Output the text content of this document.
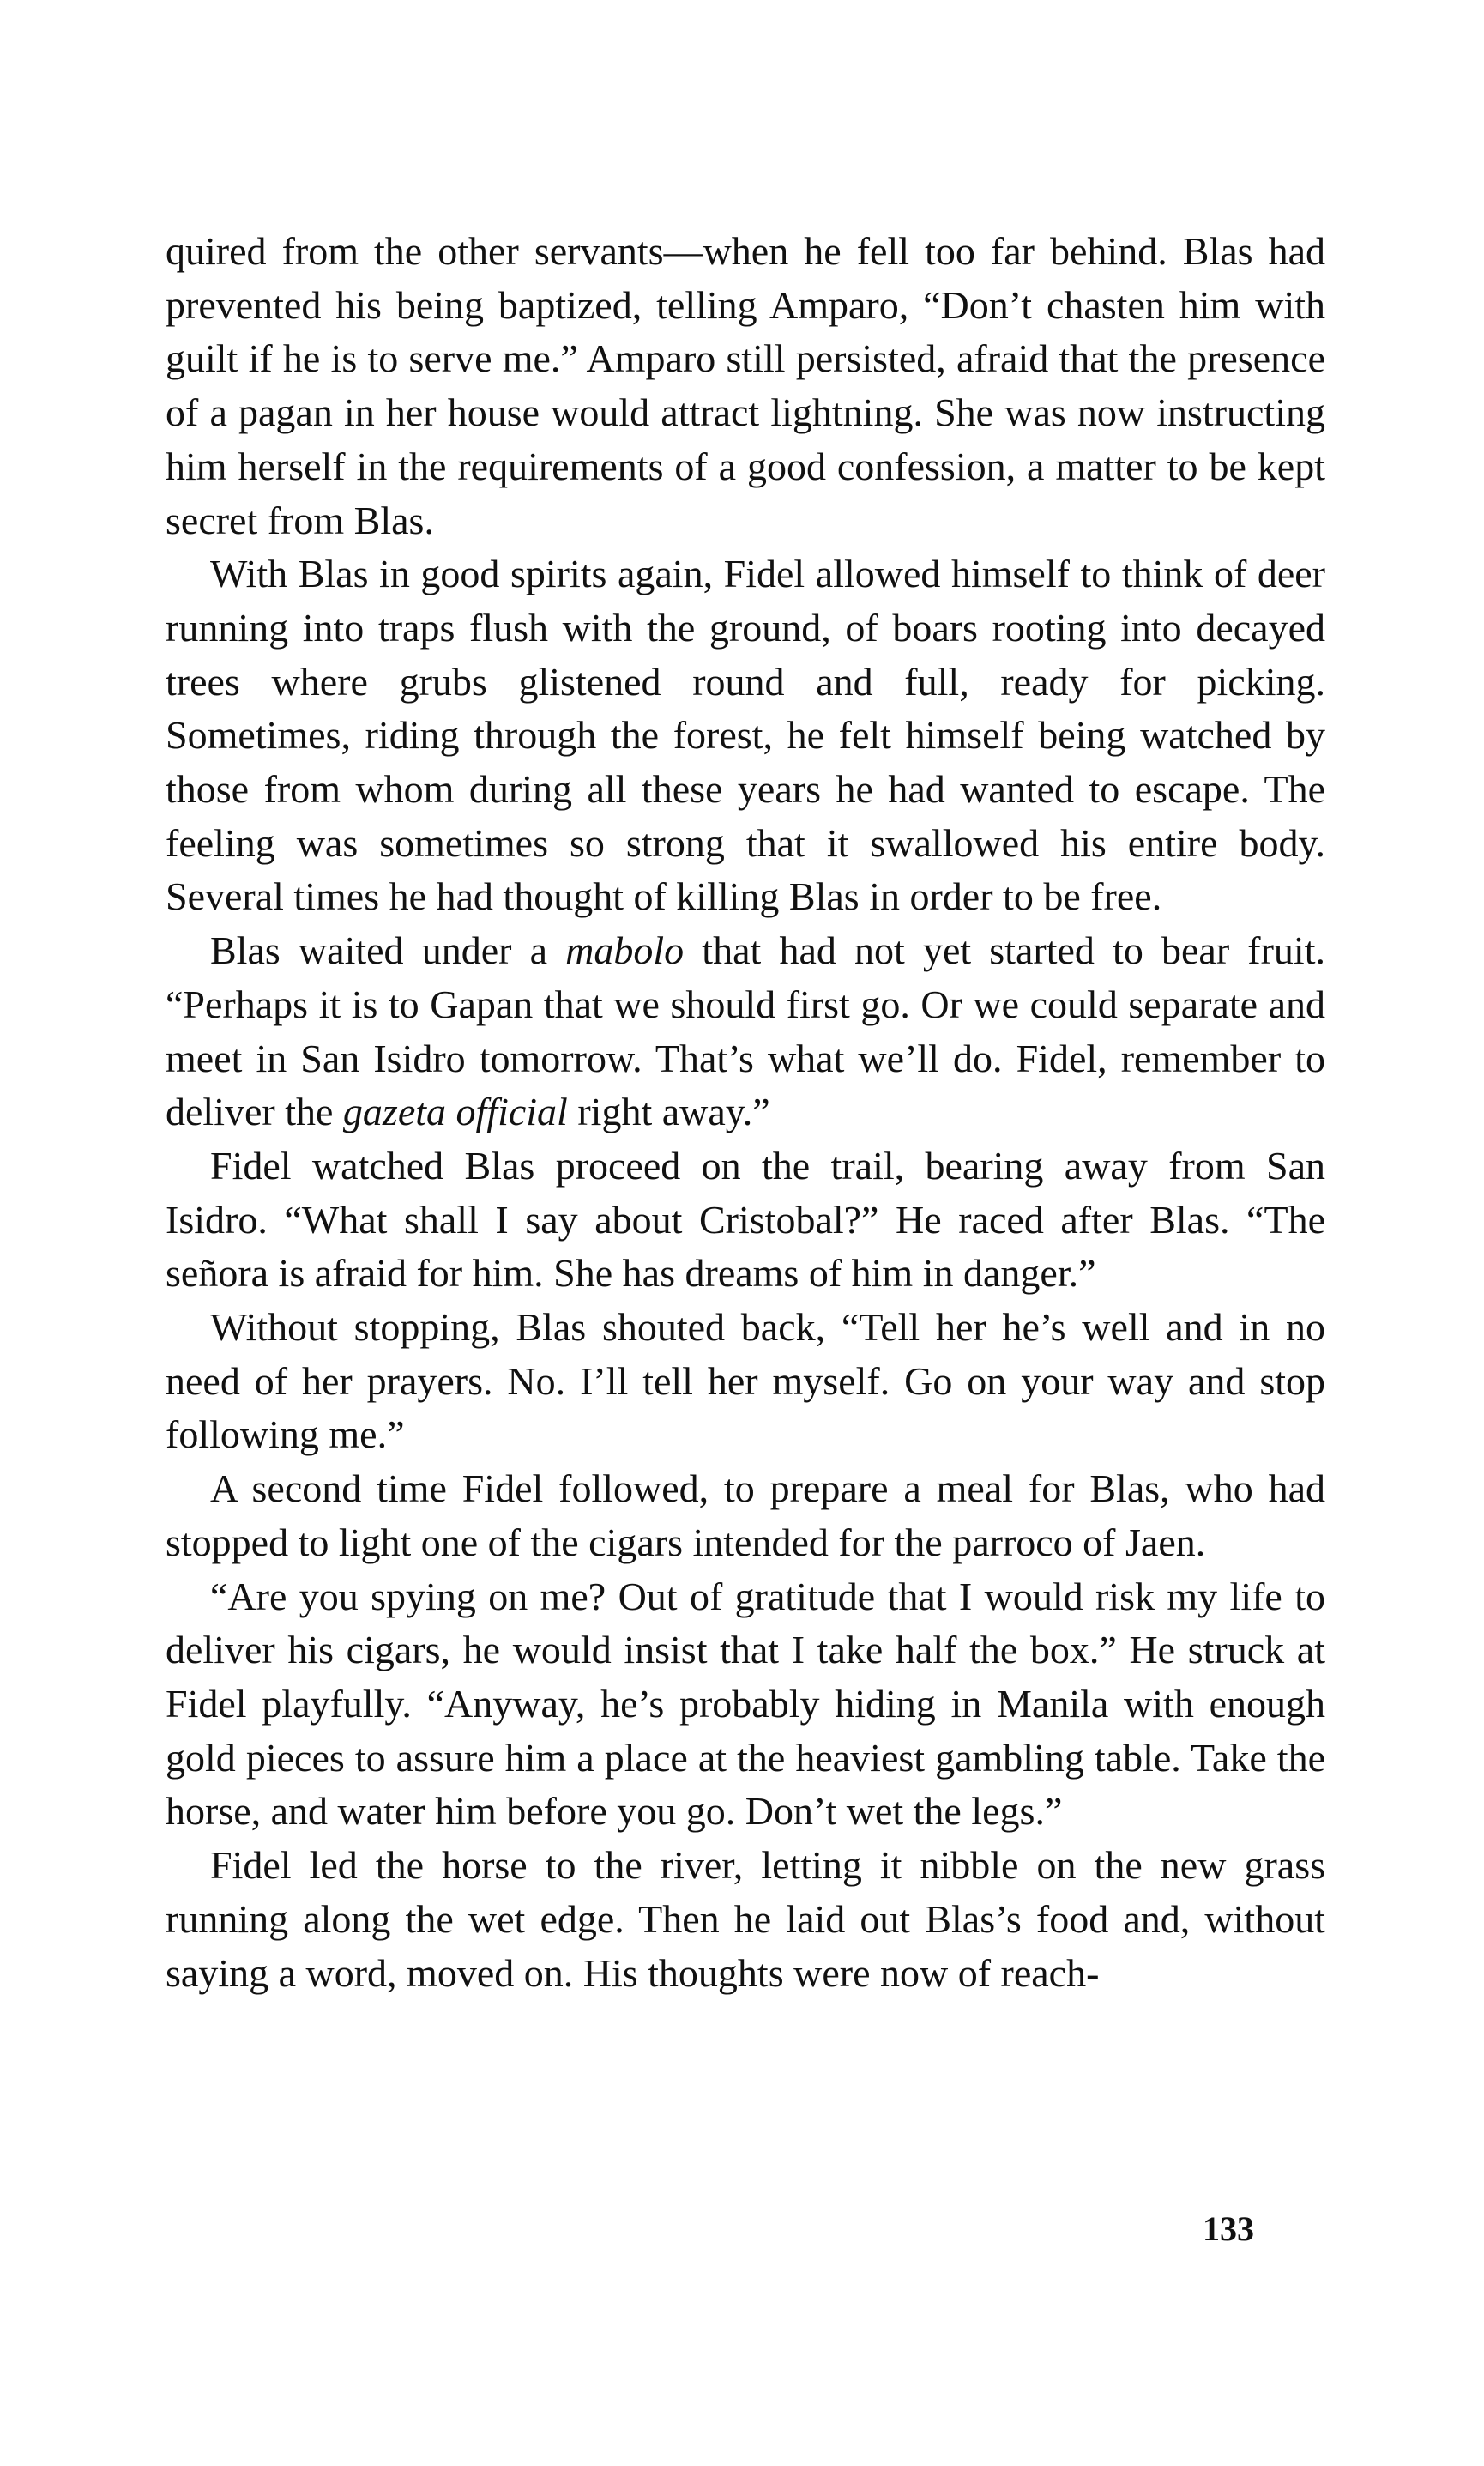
quired from the other servants—when he fell too far behind. Blas had prevented his being baptized, telling Amparo, “Don’t chasten him with guilt if he is to serve me.” Amparo still persisted, afraid that the presence of a pagan in her house would attract lightning. She was now instructing him herself in the requirements of a good confession, a matter to be kept secret from Blas.

With Blas in good spirits again, Fidel allowed himself to think of deer running into traps flush with the ground, of boars rooting into decayed trees where grubs glistened round and full, ready for picking. Sometimes, riding through the forest, he felt himself being watched by those from whom during all these years he had wanted to escape. The feeling was sometimes so strong that it swallowed his entire body. Several times he had thought of killing Blas in order to be free.

Blas waited under a mabolo that had not yet started to bear fruit. “Perhaps it is to Gapan that we should first go. Or we could separate and meet in San Isidro tomorrow. That’s what we’ll do. Fidel, remember to deliver the gazeta official right away.”

Fidel watched Blas proceed on the trail, bearing away from San Isidro. “What shall I say about Cristobal?” He raced after Blas. “The señora is afraid for him. She has dreams of him in danger.”

Without stopping, Blas shouted back, “Tell her he’s well and in no need of her prayers. No. I’ll tell her myself. Go on your way and stop following me.”

A second time Fidel followed, to prepare a meal for Blas, who had stopped to light one of the cigars intended for the parroco of Jaen.

“Are you spying on me? Out of gratitude that I would risk my life to deliver his cigars, he would insist that I take half the box.” He struck at Fidel playfully. “Anyway, he’s probably hiding in Manila with enough gold pieces to assure him a place at the heaviest gambling table. Take the horse, and water him before you go. Don’t wet the legs.”

Fidel led the horse to the river, letting it nibble on the new grass running along the wet edge. Then he laid out Blas’s food and, without saying a word, moved on. His thoughts were now of reach-

133
